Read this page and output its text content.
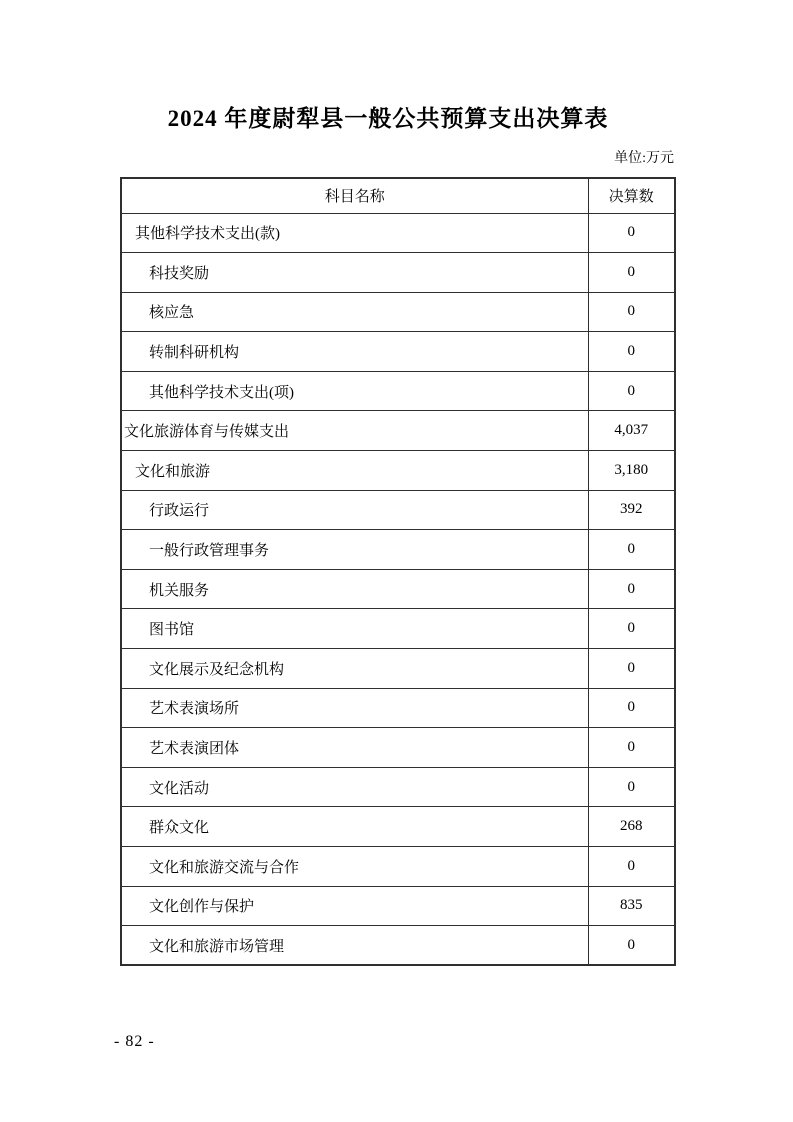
2024 年度尉犁县一般公共预算支出决算表
单位:万元
科目名称	决算数
其他科学技术支出(款)	0
科技奖励	0
核应急	0
转制科研机构	0
其他科学技术支出(项)	0
文化旅游体育与传媒支出	4,037
文化和旅游	3,180
行政运行	392
一般行政管理事务	0
机关服务	0
图书馆	0
文化展示及纪念机构	0
艺术表演场所	0
艺术表演团体	0
文化活动	0
群众文化	268
文化和旅游交流与合作	0
文化创作与保护	835
文化和旅游市场管理	0
- 82 -
